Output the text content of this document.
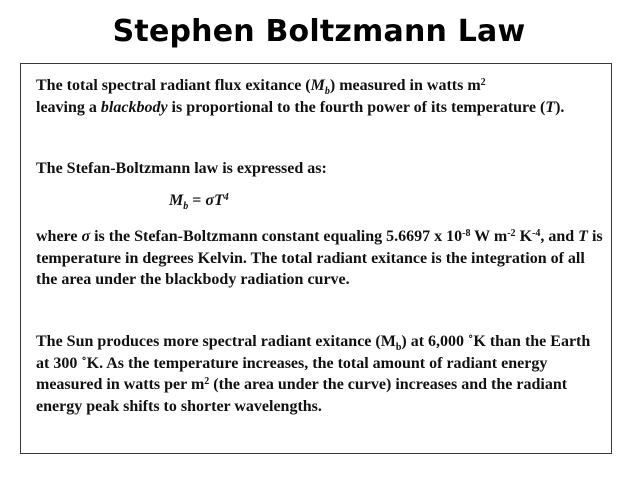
Stephen Boltzmann Law

The total spectral radiant flux exitance $(M_b)$ measured in watts $m^2$
leaving a blackbody is proportional to the fourth power of its temperature (T).

The Stefan-Boltzmann law is expressed as:

$M_b = \sigma T^4$

where σ is the Stefan-Boltzmann constant equaling 5.6697 x $10^{-8}$ W $m^{-2}$ $K^{-4}$, and T is temperature in degrees Kelvin. The total radiant exitance is the integration of all the area under the blackbody radiation curve.

The Sun produces more spectral radiant exitance $(M_b)$ at 6,000 ˚K than the Earth at 300 ˚K. As the temperature increases, the total amount of radiant energy measured in watts per $m^2$ (the area under the curve) increases and the radiant energy peak shifts to shorter wavelengths.
